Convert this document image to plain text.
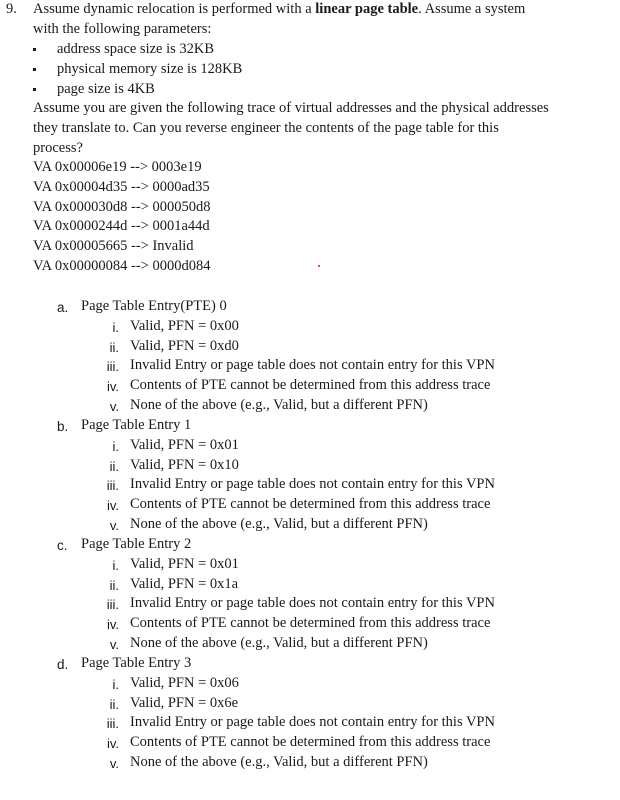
9. Assume dynamic relocation is performed with a linear page table. Assume a system
with the following parameters:
address space size is 32KB
physical memory size is 128KB
page size is 4KB
Assume you are given the following trace of virtual addresses and the physical addresses
they translate to. Can you reverse engineer the contents of the page table for this
process?
VA 0x00006e19 --> 0003e19
VA 0x00004d35 --> 0000ad35
VA 0x000030d8 --> 000050d8
VA 0x0000244d --> 0001a44d
VA 0x00005665 --> Invalid
VA 0x00000084 --> 0000d084
a. Page Table Entry(PTE) 0
i. Valid, PFN = 0x00
ii. Valid, PFN = 0xd0
iii. Invalid Entry or page table does not contain entry for this VPN
iv. Contents of PTE cannot be determined from this address trace
v. None of the above (e.g., Valid, but a different PFN)
b. Page Table Entry 1
i. Valid, PFN = 0x01
ii. Valid, PFN = 0x10
iii. Invalid Entry or page table does not contain entry for this VPN
iv. Contents of PTE cannot be determined from this address trace
v. None of the above (e.g., Valid, but a different PFN)
c. Page Table Entry 2
i. Valid, PFN = 0x01
ii. Valid, PFN = 0x1a
iii. Invalid Entry or page table does not contain entry for this VPN
iv. Contents of PTE cannot be determined from this address trace
v. None of the above (e.g., Valid, but a different PFN)
d. Page Table Entry 3
i. Valid, PFN = 0x06
ii. Valid, PFN = 0x6e
iii. Invalid Entry or page table does not contain entry for this VPN
iv. Contents of PTE cannot be determined from this address trace
v. None of the above (e.g., Valid, but a different PFN)
